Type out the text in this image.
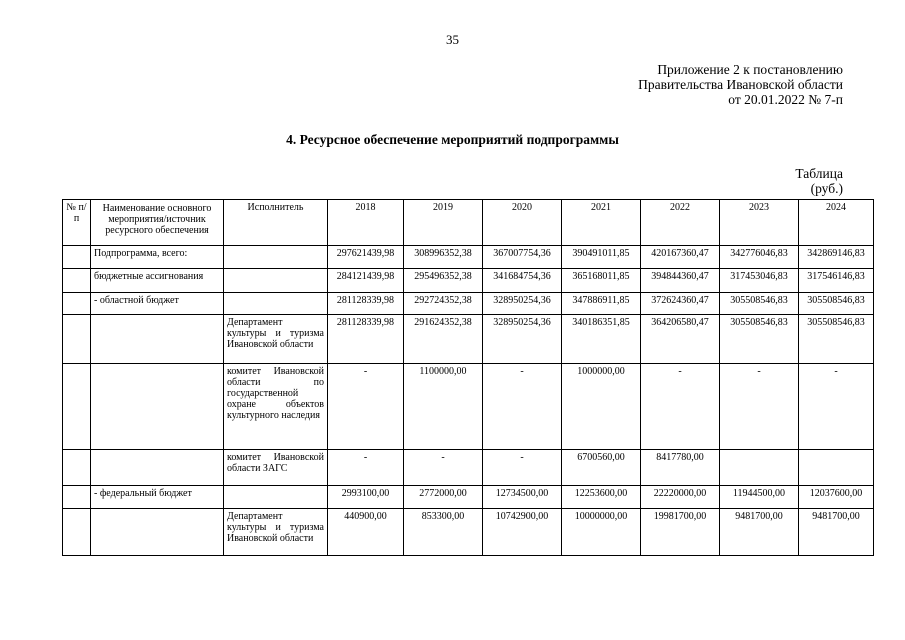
35
Приложение 2 к постановлению
Правительства Ивановской области
от 20.01.2022 № 7-п
4. Ресурсное обеспечение мероприятий подпрограммы
Таблица
(руб.)
№ п/п	Наименование основного мероприятия/источник ресурсного обеспечения	Исполнитель	2018	2019	2020	2021	2022	2023	2024
	Подпрограмма, всего:		297621439,98	308996352,38	367007754,36	390491011,85	420167360,47	342776046,83	342869146,83
	бюджетные ассигнования		284121439,98	295496352,38	341684754,36	365168011,85	394844360,47	317453046,83	317546146,83
	- областной бюджет		281128339,98	292724352,38	328950254,36	347886911,85	372624360,47	305508546,83	305508546,83
		Департамент культуры и туризма Ивановской области	281128339,98	291624352,38	328950254,36	340186351,85	364206580,47	305508546,83	305508546,83
		комитет Ивановской области по государственной охране объектов культурного наследия	-	1100000,00	-	1000000,00	-	-	-
		комитет Ивановской области ЗАГС	-	-	-	6700560,00	8417780,00		
	- федеральный бюджет		2993100,00	2772000,00	12734500,00	12253600,00	22220000,00	11944500,00	12037600,00
		Департамент культуры и туризма Ивановской области	440900,00	853300,00	10742900,00	10000000,00	19981700,00	9481700,00	9481700,00
